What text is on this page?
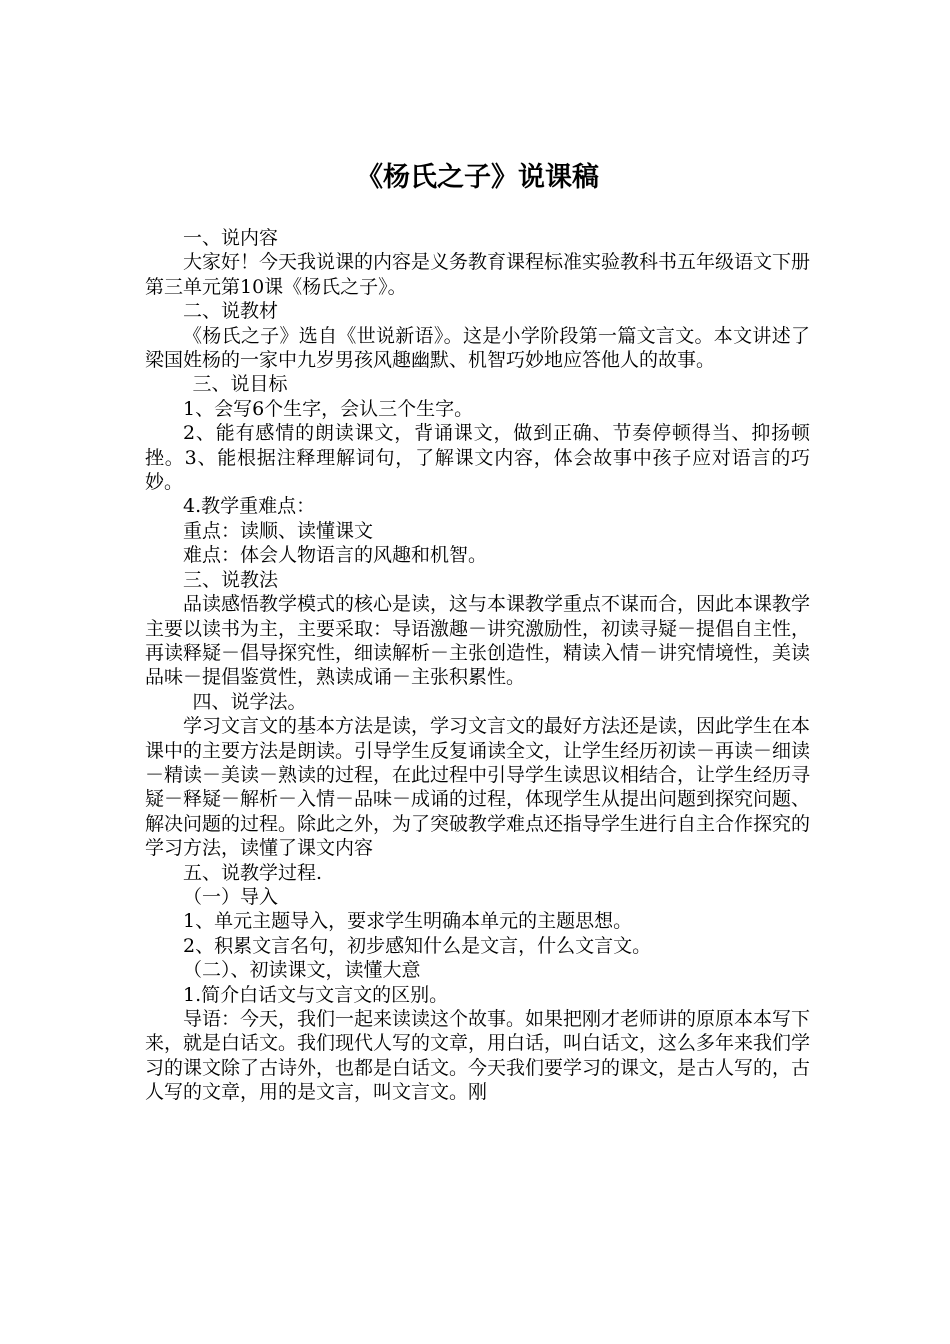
《杨氏之子》说课稿

一、说内容

大家好！今天我说课的内容是义务教育课程标准实验教科书五年级语文下册第三单元第10课《杨氏之子》。

二、说教材

《杨氏之子》选自《世说新语》。这是小学阶段第一篇文言文。本文讲述了梁国姓杨的一家中九岁男孩风趣幽默、机智巧妙地应答他人的故事。

三、说目标

1、会写6个生字，会认三个生字。

2、能有感情的朗读课文，背诵课文，做到正确、节奏停顿得当、抑扬顿挫。3、能根据注释理解词句，了解课文内容，体会故事中孩子应对语言的巧妙。

4.教学重难点：

重点：读顺、读懂课文

难点：体会人物语言的风趣和机智。

三、说教法

品读感悟教学模式的核心是读，这与本课教学重点不谋而合，因此本课教学主要以读书为主，主要采取：导语激趣－讲究激励性，初读寻疑－提倡自主性，再读释疑－倡导探究性，细读解析－主张创造性，精读入情－讲究情境性，美读品味－提倡鉴赏性，熟读成诵－主张积累性。

四、说学法。

学习文言文的基本方法是读，学习文言文的最好方法还是读，因此学生在本课中的主要方法是朗读。引导学生反复诵读全文，让学生经历初读－再读－细读－精读－美读－熟读的过程，在此过程中引导学生读思议相结合，让学生经历寻疑－释疑－解析－入情－品味－成诵的过程，体现学生从提出问题到探究问题、解决问题的过程。除此之外，为了突破教学难点还指导学生进行自主合作探究的学习方法，读懂了课文内容

五、说教学过程.

（一）导入

1、单元主题导入，要求学生明确本单元的主题思想。

2、积累文言名句，初步感知什么是文言，什么文言文。

（二）、初读课文，读懂大意

1.简介白话文与文言文的区别。

导语：今天，我们一起来读读这个故事。如果把刚才老师讲的原原本本写下来，就是白话文。我们现代人写的文章，用白话，叫白话文，这么多年来我们学习的课文除了古诗外，也都是白话文。今天我们要学习的课文，是古人写的，古人写的文章，用的是文言，叫文言文。刚
